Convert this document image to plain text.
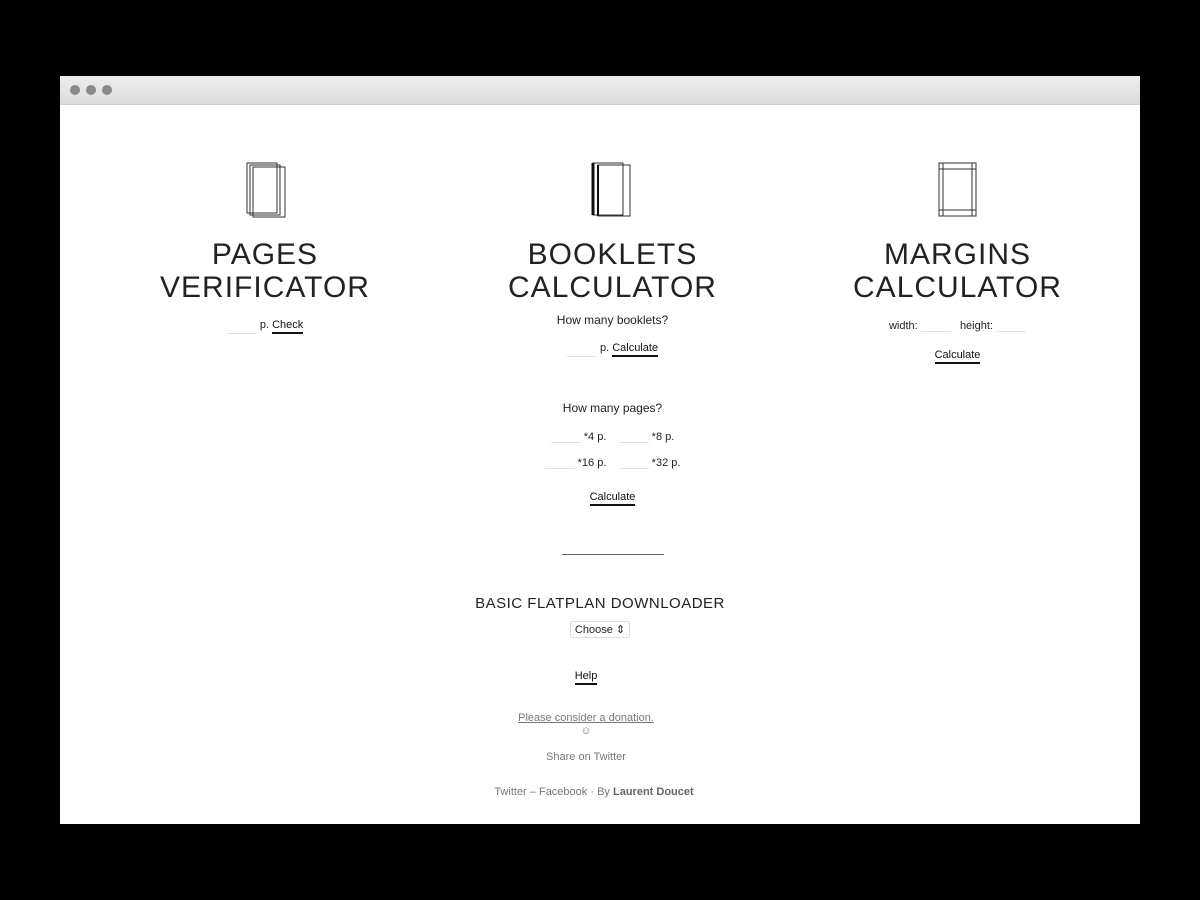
PAGES
VERIFICATOR
p. Check
BOOKLETS
CALCULATOR
How many booklets?
p. Calculate
How many pages?
*4 p.	*8 p.
*16 p.	*32 p.
Calculate
MARGINS
CALCULATOR
width:	height:
Calculate
BASIC FLATPLAN DOWNLOADER
Choose ⇕
Help
Please consider a donation.
☺
Share on Twitter
Twitter – Facebook · By Laurent Doucet
